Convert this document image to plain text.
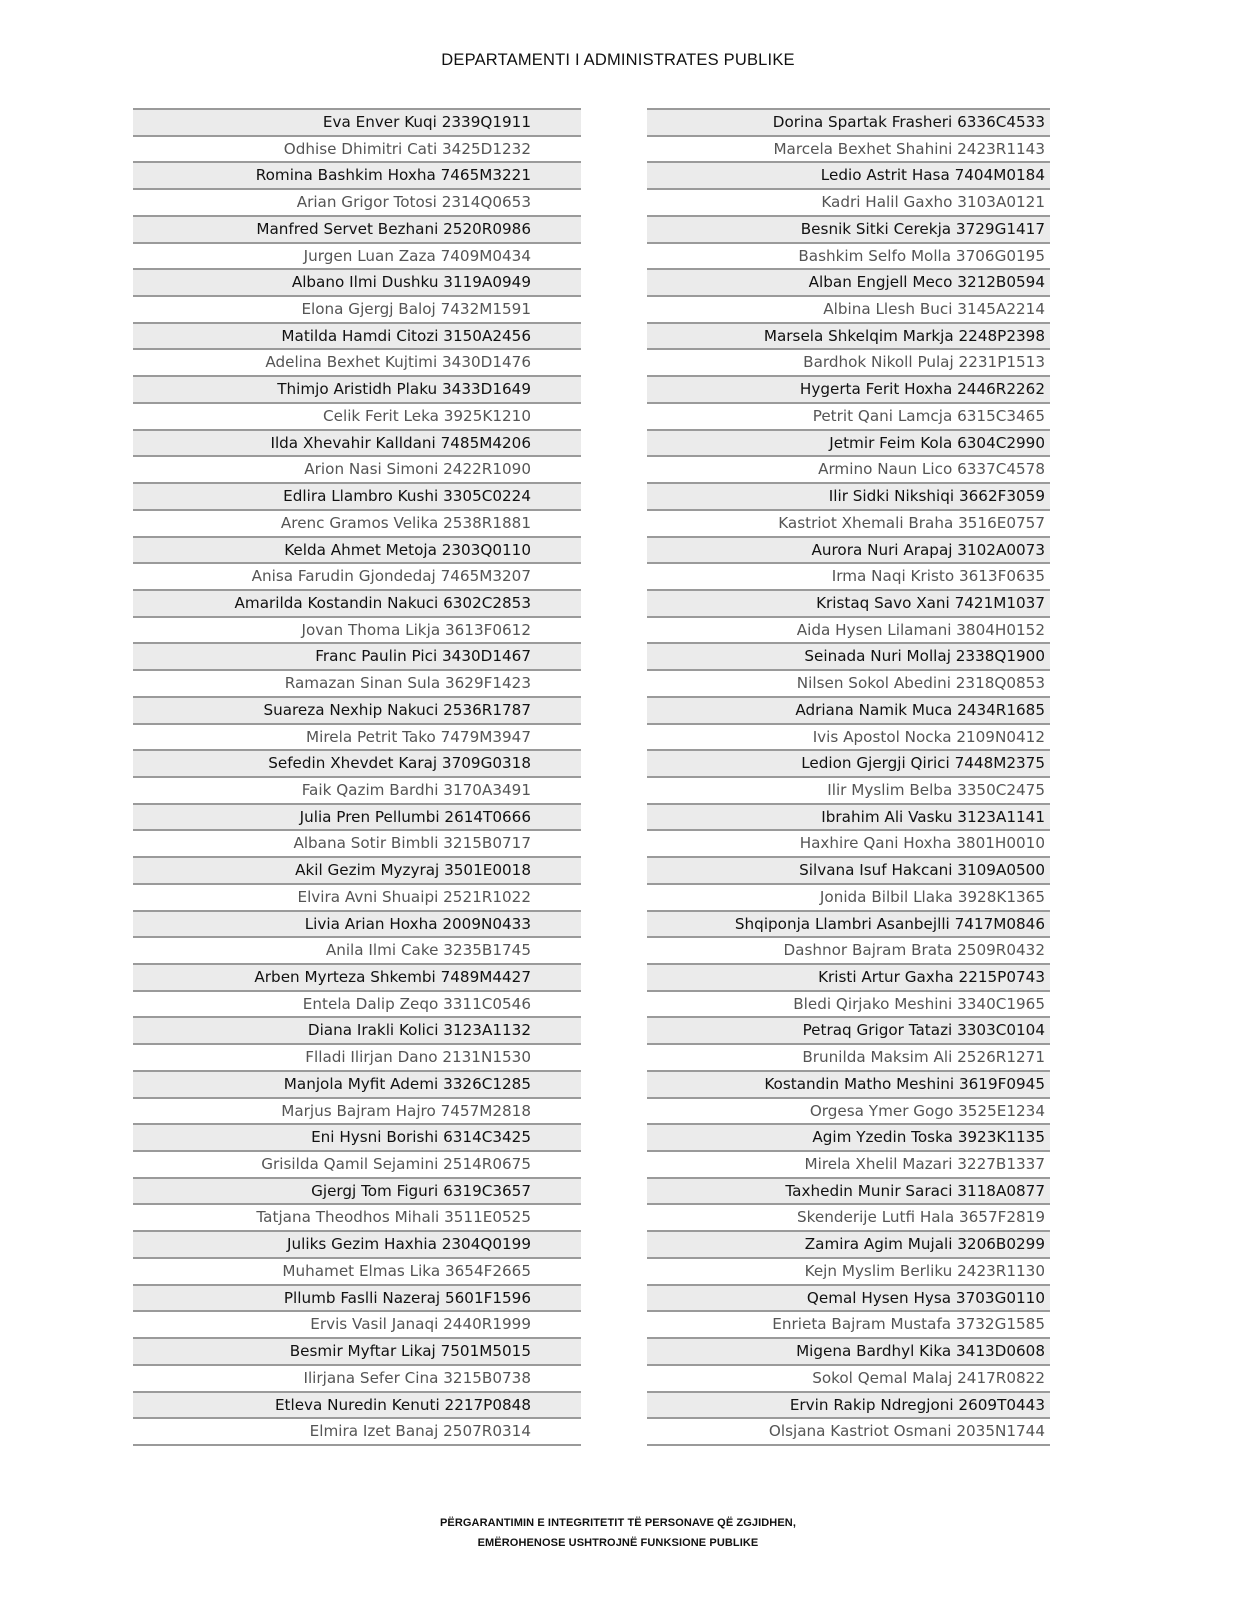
DEPARTAMENTI I ADMINISTRATES PUBLIKE
Eva Enver Kuqi 2339Q1911
Odhise Dhimitri Cati 3425D1232
Romina Bashkim Hoxha 7465M3221
Arian Grigor Totosi 2314Q0653
Manfred Servet Bezhani 2520R0986
Jurgen Luan Zaza 7409M0434
Albano Ilmi Dushku 3119A0949
Elona Gjergj Baloj 7432M1591
Matilda Hamdi Citozi 3150A2456
Adelina Bexhet Kujtimi 3430D1476
Thimjo Aristidh Plaku 3433D1649
Celik Ferit Leka 3925K1210
Ilda Xhevahir Kalldani 7485M4206
Arion Nasi Simoni 2422R1090
Edlira Llambro Kushi 3305C0224
Arenc Gramos Velika 2538R1881
Kelda Ahmet Metoja 2303Q0110
Anisa Farudin Gjondedaj 7465M3207
Amarilda Kostandin Nakuci 6302C2853
Jovan Thoma Likja 3613F0612
Franc Paulin Pici 3430D1467
Ramazan Sinan Sula 3629F1423
Suareza Nexhip Nakuci 2536R1787
Mirela Petrit Tako 7479M3947
Sefedin Xhevdet Karaj 3709G0318
Faik Qazim Bardhi 3170A3491
Julia Pren Pellumbi 2614T0666
Albana Sotir Bimbli 3215B0717
Akil Gezim Myzyraj 3501E0018
Elvira Avni Shuaipi 2521R1022
Livia Arian Hoxha 2009N0433
Anila Ilmi Cake 3235B1745
Arben Myrteza Shkembi 7489M4427
Entela Dalip Zeqo 3311C0546
Diana Irakli Kolici 3123A1132
Flladi Ilirjan Dano 2131N1530
Manjola Myfit Ademi 3326C1285
Marjus Bajram Hajro 7457M2818
Eni Hysni Borishi 6314C3425
Grisilda Qamil Sejamini 2514R0675
Gjergj Tom Figuri 6319C3657
Tatjana Theodhos Mihali 3511E0525
Juliks Gezim Haxhia 2304Q0199
Muhamet Elmas Lika 3654F2665
Pllumb Faslli Nazeraj 5601F1596
Ervis Vasil Janaqi 2440R1999
Besmir Myftar Likaj 7501M5015
Ilirjana Sefer Cina 3215B0738
Etleva Nuredin Kenuti 2217P0848
Elmira Izet Banaj 2507R0314
Dorina Spartak Frasheri 6336C4533
Marcela Bexhet Shahini 2423R1143
Ledio Astrit Hasa 7404M0184
Kadri Halil Gaxho 3103A0121
Besnik Sitki Cerekja 3729G1417
Bashkim Selfo Molla 3706G0195
Alban Engjell Meco 3212B0594
Albina Llesh Buci 3145A2214
Marsela Shkelqim Markja 2248P2398
Bardhok Nikoll Pulaj 2231P1513
Hygerta Ferit Hoxha 2446R2262
Petrit Qani Lamcja 6315C3465
Jetmir Feim Kola 6304C2990
Armino Naun Lico 6337C4578
Ilir Sidki Nikshiqi 3662F3059
Kastriot Xhemali Braha 3516E0757
Aurora Nuri Arapaj 3102A0073
Irma Naqi Kristo 3613F0635
Kristaq Savo Xani 7421M1037
Aida Hysen Lilamani 3804H0152
Seinada Nuri Mollaj 2338Q1900
Nilsen Sokol Abedini 2318Q0853
Adriana Namik Muca 2434R1685
Ivis Apostol Nocka 2109N0412
Ledion Gjergji Qirici 7448M2375
Ilir Myslim Belba 3350C2475
Ibrahim Ali Vasku 3123A1141
Haxhire Qani Hoxha 3801H0010
Silvana Isuf Hakcani 3109A0500
Jonida Bilbil Llaka 3928K1365
Shqiponja Llambri Asanbejlli 7417M0846
Dashnor Bajram Brata 2509R0432
Kristi Artur Gaxha 2215P0743
Bledi Qirjako Meshini 3340C1965
Petraq Grigor Tatazi 3303C0104
Brunilda Maksim Ali 2526R1271
Kostandin Matho Meshini 3619F0945
Orgesa Ymer Gogo 3525E1234
Agim Yzedin Toska 3923K1135
Mirela Xhelil Mazari 3227B1337
Taxhedin Munir Saraci 3118A0877
Skenderije Lutfi Hala 3657F2819
Zamira Agim Mujali 3206B0299
Kejn Myslim Berliku 2423R1130
Qemal Hysen Hysa 3703G0110
Enrieta Bajram Mustafa 3732G1585
Migena Bardhyl Kika 3413D0608
Sokol Qemal Malaj 2417R0822
Ervin Rakip Ndregjoni 2609T0443
Olsjana Kastriot Osmani 2035N1744
PËRGARANTIMIN E INTEGRITETIT TË PERSONAVE QË ZGJIDHEN,
EMËROHENOSE USHTROJNË FUNKSIONE PUBLIKE
